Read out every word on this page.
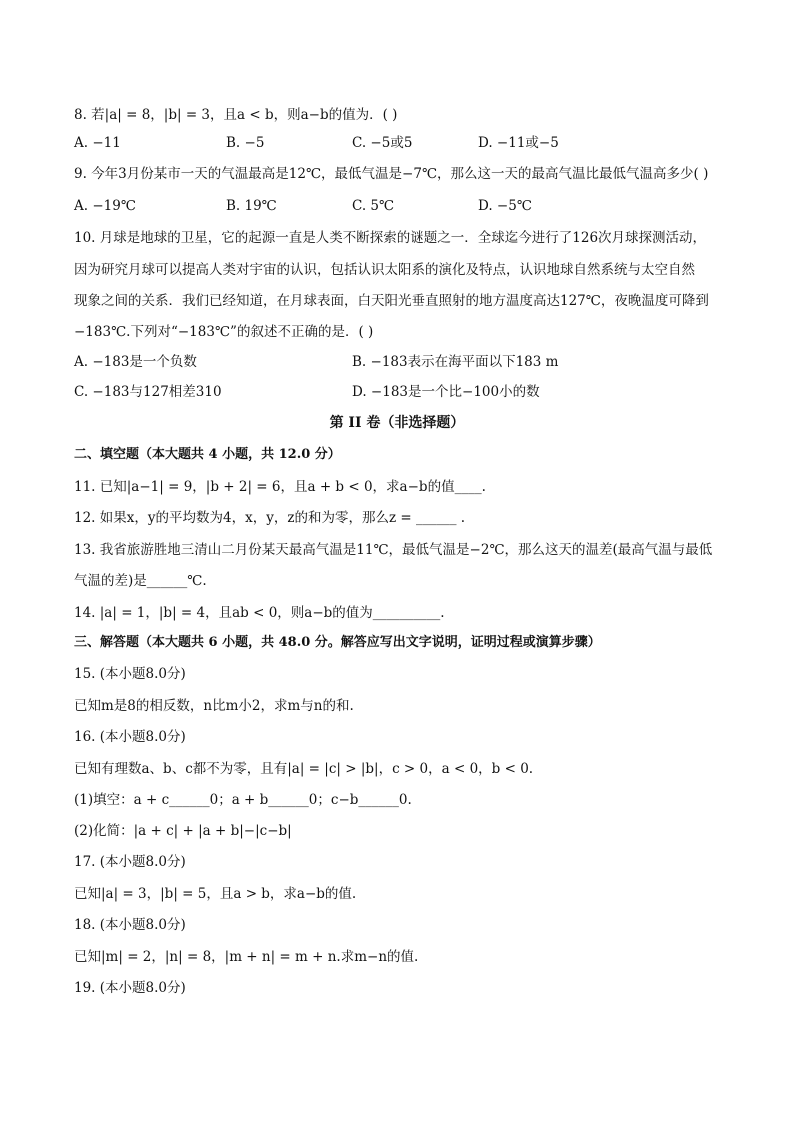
8. 若|a| = 8，|b| = 3，且a < b，则a−b的值为．( )
A. −11	B. −5	C. −5或5	D. −11或−5
9. 今年3月份某市一天的气温最高是12℃，最低气温是−7℃，那么这一天的最高气温比最低气温高多少( )
A. −19℃	B. 19℃	C. 5℃	D. −5℃
10. 月球是地球的卫星，它的起源一直是人类不断探索的谜题之一．全球迄今进行了126次月球探测活动，
因为研究月球可以提高人类对宇宙的认识，包括认识太阳系的演化及特点，认识地球自然系统与太空自然
现象之间的关系．我们已经知道，在月球表面，白天阳光垂直照射的地方温度高达127℃，夜晚温度可降到
−183℃.下列对“−183℃”的叙述不正确的是．( )
A. −183是一个负数	B. −183表示在海平面以下183 m
C. −183与127相差310	D. −183是一个比−100小的数
第 II 卷（非选择题）
二、填空题（本大题共 4 小题，共 12.0 分）
11. 已知|a−1| = 9，|b + 2| = 6，且a + b < 0，求a−b的值____.
12. 如果x，y的平均数为4，x，y，z的和为零，那么z = ______ .
13. 我省旅游胜地三清山二月份某天最高气温是11℃，最低气温是−2℃，那么这天的温差(最高气温与最低
气温的差)是______℃.
14. |a| = 1，|b| = 4，且ab < 0，则a−b的值为__________.
三、解答题（本大题共 6 小题，共 48.0 分。解答应写出文字说明，证明过程或演算步骤）
15. (本小题8.0分)
已知m是8的相反数，n比m小2，求m与n的和.
16. (本小题8.0分)
已知有理数a、b、c都不为零，且有|a| = |c| > |b|，c > 0，a < 0，b < 0.
(1)填空：a + c______0；a + b______0；c−b______0.
(2)化简：|a + c| + |a + b|−|c−b|
17. (本小题8.0分)
已知|a| = 3，|b| = 5，且a > b，求a−b的值.
18. (本小题8.0分)
已知|m| = 2，|n| = 8，|m + n| = m + n.求m−n的值.
19. (本小题8.0分)
